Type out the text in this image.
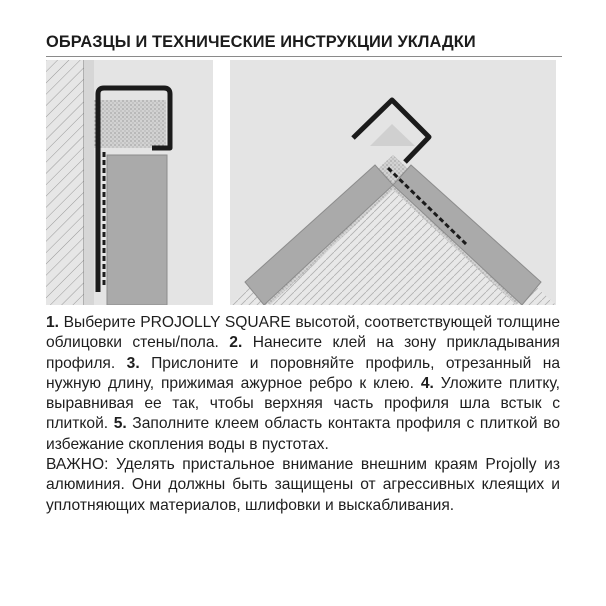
ОБРАЗЦЫ И ТЕХНИЧЕСКИЕ ИНСТРУКЦИИ УКЛАДКИ

1. Выберите PROJOLLY SQUARE высотой, соответствующей толщине облицовки стены/пола. 2. Нанесите клей на зону прикладывания профиля. 3. Прислоните и поровняйте профиль, отрезанный на нужную длину, прижимая ажурное ребро к клею. 4. Уложите плитку, выравнивая ее так, чтобы верхняя часть профиля шла встык с плиткой. 5. Заполните клеем область контакта профиля с плиткой во избежание скопления воды в пустотах.

ВАЖНО: Уделять пристальное внимание внешним краям Projolly из алюминия. Они должны быть защищены от агрессивных клеящих и уплотняющих материалов, шлифовки и выскабливания.
